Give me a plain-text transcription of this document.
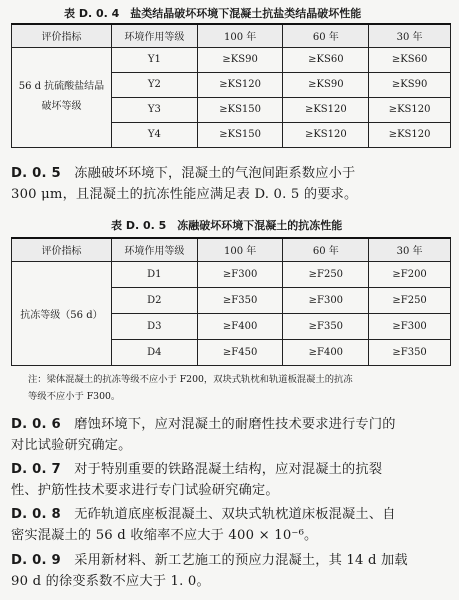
表 D. 0. 4　盐类结晶破坏环境下混凝土抗盐类结晶破坏性能
评价指标	环境作用等级	100 年	60 年	30 年

56 d 抗硫酸盐结晶
破坏等级	Y1	≥KS90	≥KS60	≥KS60
	Y2	≥KS120	≥KS90	≥KS90
	Y3	≥KS150	≥KS120	≥KS120
	Y4	≥KS150	≥KS120	≥KS120
D. 0. 5　 冻融破坏环境下，混凝土的气泡间距系数应小于
300 μm，且混凝土的抗冻性能应满足表 D. 0. 5 的要求。
表 D. 0. 5　冻融破坏环境下混凝土的抗冻性能
评价指标	环境作用等级	100 年	60 年	30 年
抗冻等级（56 d）	D1	≥F300	≥F250	≥F200
	D2	≥F350	≥F300	≥F250
	D3	≥F400	≥F350	≥F300
	D4	≥F450	≥F400	≥F350
注：梁体混凝土的抗冻等级不应小于 F200，双块式轨枕和轨道板混凝土的抗冻
等级不应小于 F300。
D. 0. 6　 磨蚀环境下，应对混凝土的耐磨性技术要求进行专门的
对比试验研究确定。
D. 0. 7　 对于特别重要的铁路混凝土结构，应对混凝土的抗裂
性、护筋性技术要求进行专门试验研究确定。
D. 0. 8　 无砟轨道底座板混凝土、双块式轨枕道床板混凝土、自
密实混凝土的 56 d 收缩率不应大于 400 × 10⁻⁶。
D. 0. 9　 采用新材料、新工艺施工的预应力混凝土，其 14 d 加载
90 d 的徐变系数不应大于 1. 0。
